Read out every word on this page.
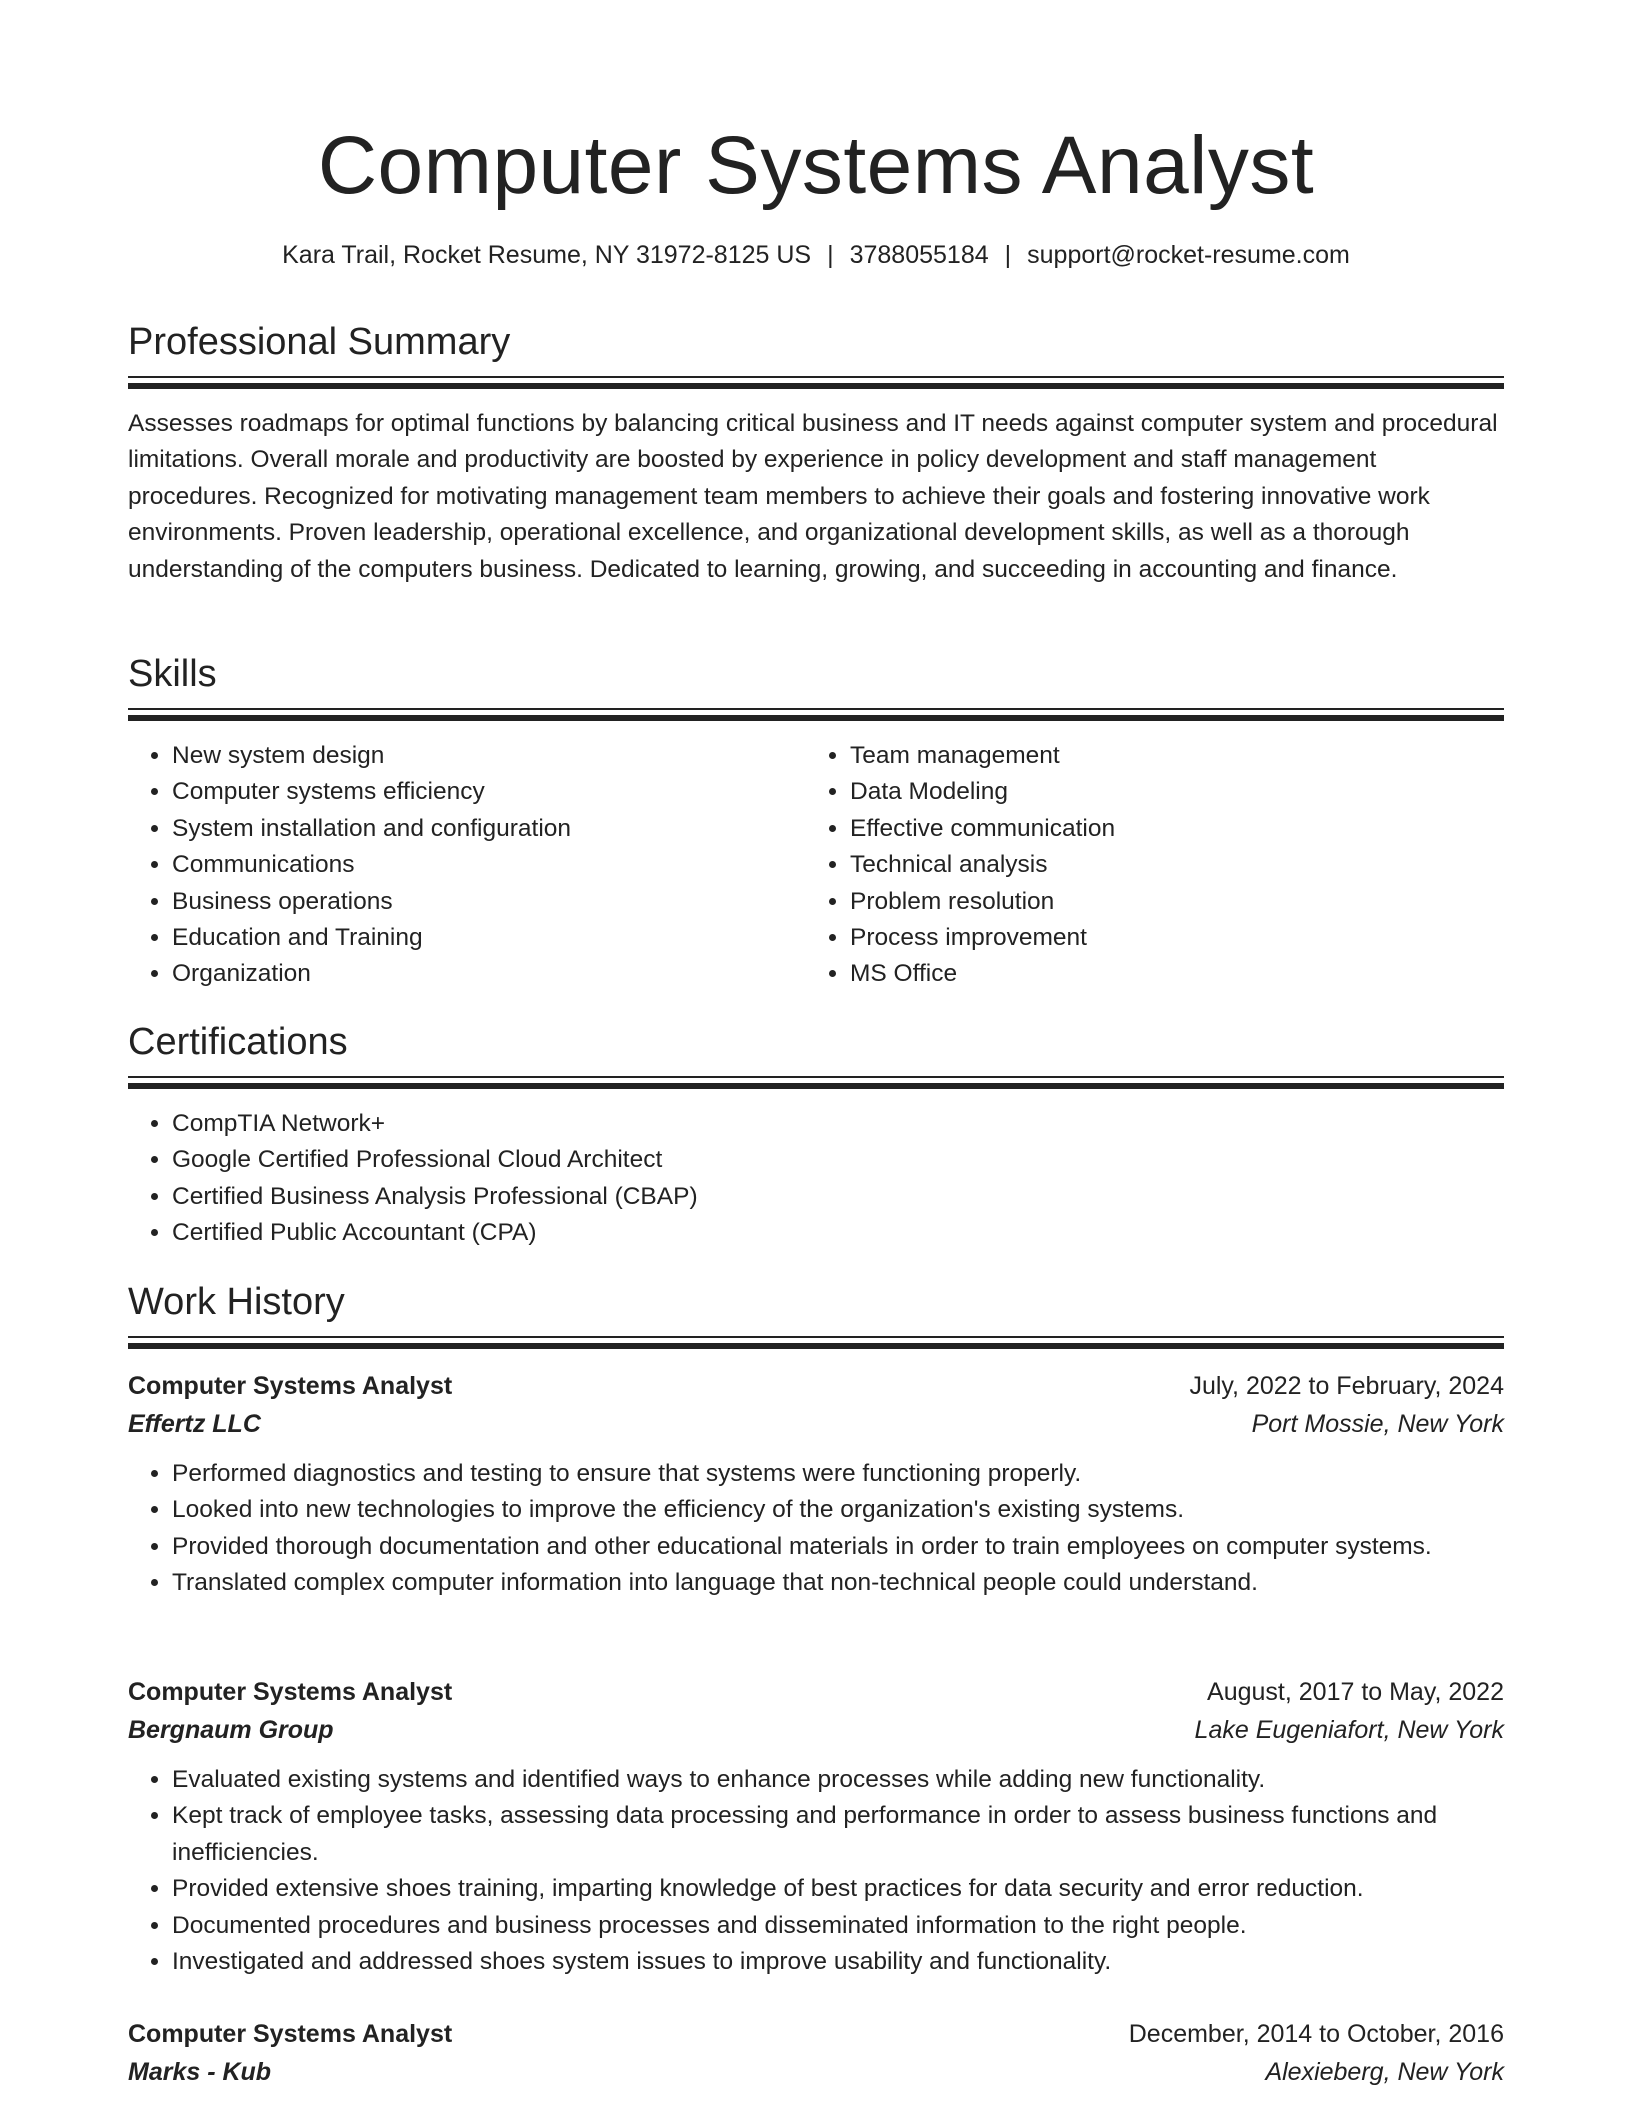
Computer Systems Analyst
Kara Trail, Rocket Resume, NY 31972-8125 US | 3788055184 | support@rocket-resume.com
Professional Summary

Assesses roadmaps for optimal functions by balancing critical business and IT needs against computer system and procedural limitations. Overall morale and productivity are boosted by experience in policy development and staff management procedures. Recognized for motivating management team members to achieve their goals and fostering innovative work environments. Proven leadership, operational excellence, and organizational development skills, as well as a thorough understanding of the computers business. Dedicated to learning, growing, and succeeding in accounting and finance.

Skills
• New system design
• Computer systems efficiency
• System installation and configuration
• Communications
• Business operations
• Education and Training
• Organization
• Team management
• Data Modeling
• Effective communication
• Technical analysis
• Problem resolution
• Process improvement
• MS Office
Certifications
• CompTIA Network+
• Google Certified Professional Cloud Architect
• Certified Business Analysis Professional (CBAP)
• Certified Public Accountant (CPA)
Work History
Computer Systems Analyst	July, 2022 to February, 2024
Effertz LLC	Port Mossie, New York
• Performed diagnostics and testing to ensure that systems were functioning properly.
• Looked into new technologies to improve the efficiency of the organization's existing systems.
• Provided thorough documentation and other educational materials in order to train employees on computer systems.
• Translated complex computer information into language that non-technical people could understand.
Computer Systems Analyst	August, 2017 to May, 2022
Bergnaum Group	Lake Eugeniafort, New York
• Evaluated existing systems and identified ways to enhance processes while adding new functionality.
• Kept track of employee tasks, assessing data processing and performance in order to assess business functions and inefficiencies.
• Provided extensive shoes training, imparting knowledge of best practices for data security and error reduction.
• Documented procedures and business processes and disseminated information to the right people.
• Investigated and addressed shoes system issues to improve usability and functionality.
Computer Systems Analyst	December, 2014 to October, 2016
Marks - Kub	Alexieberg, New York
